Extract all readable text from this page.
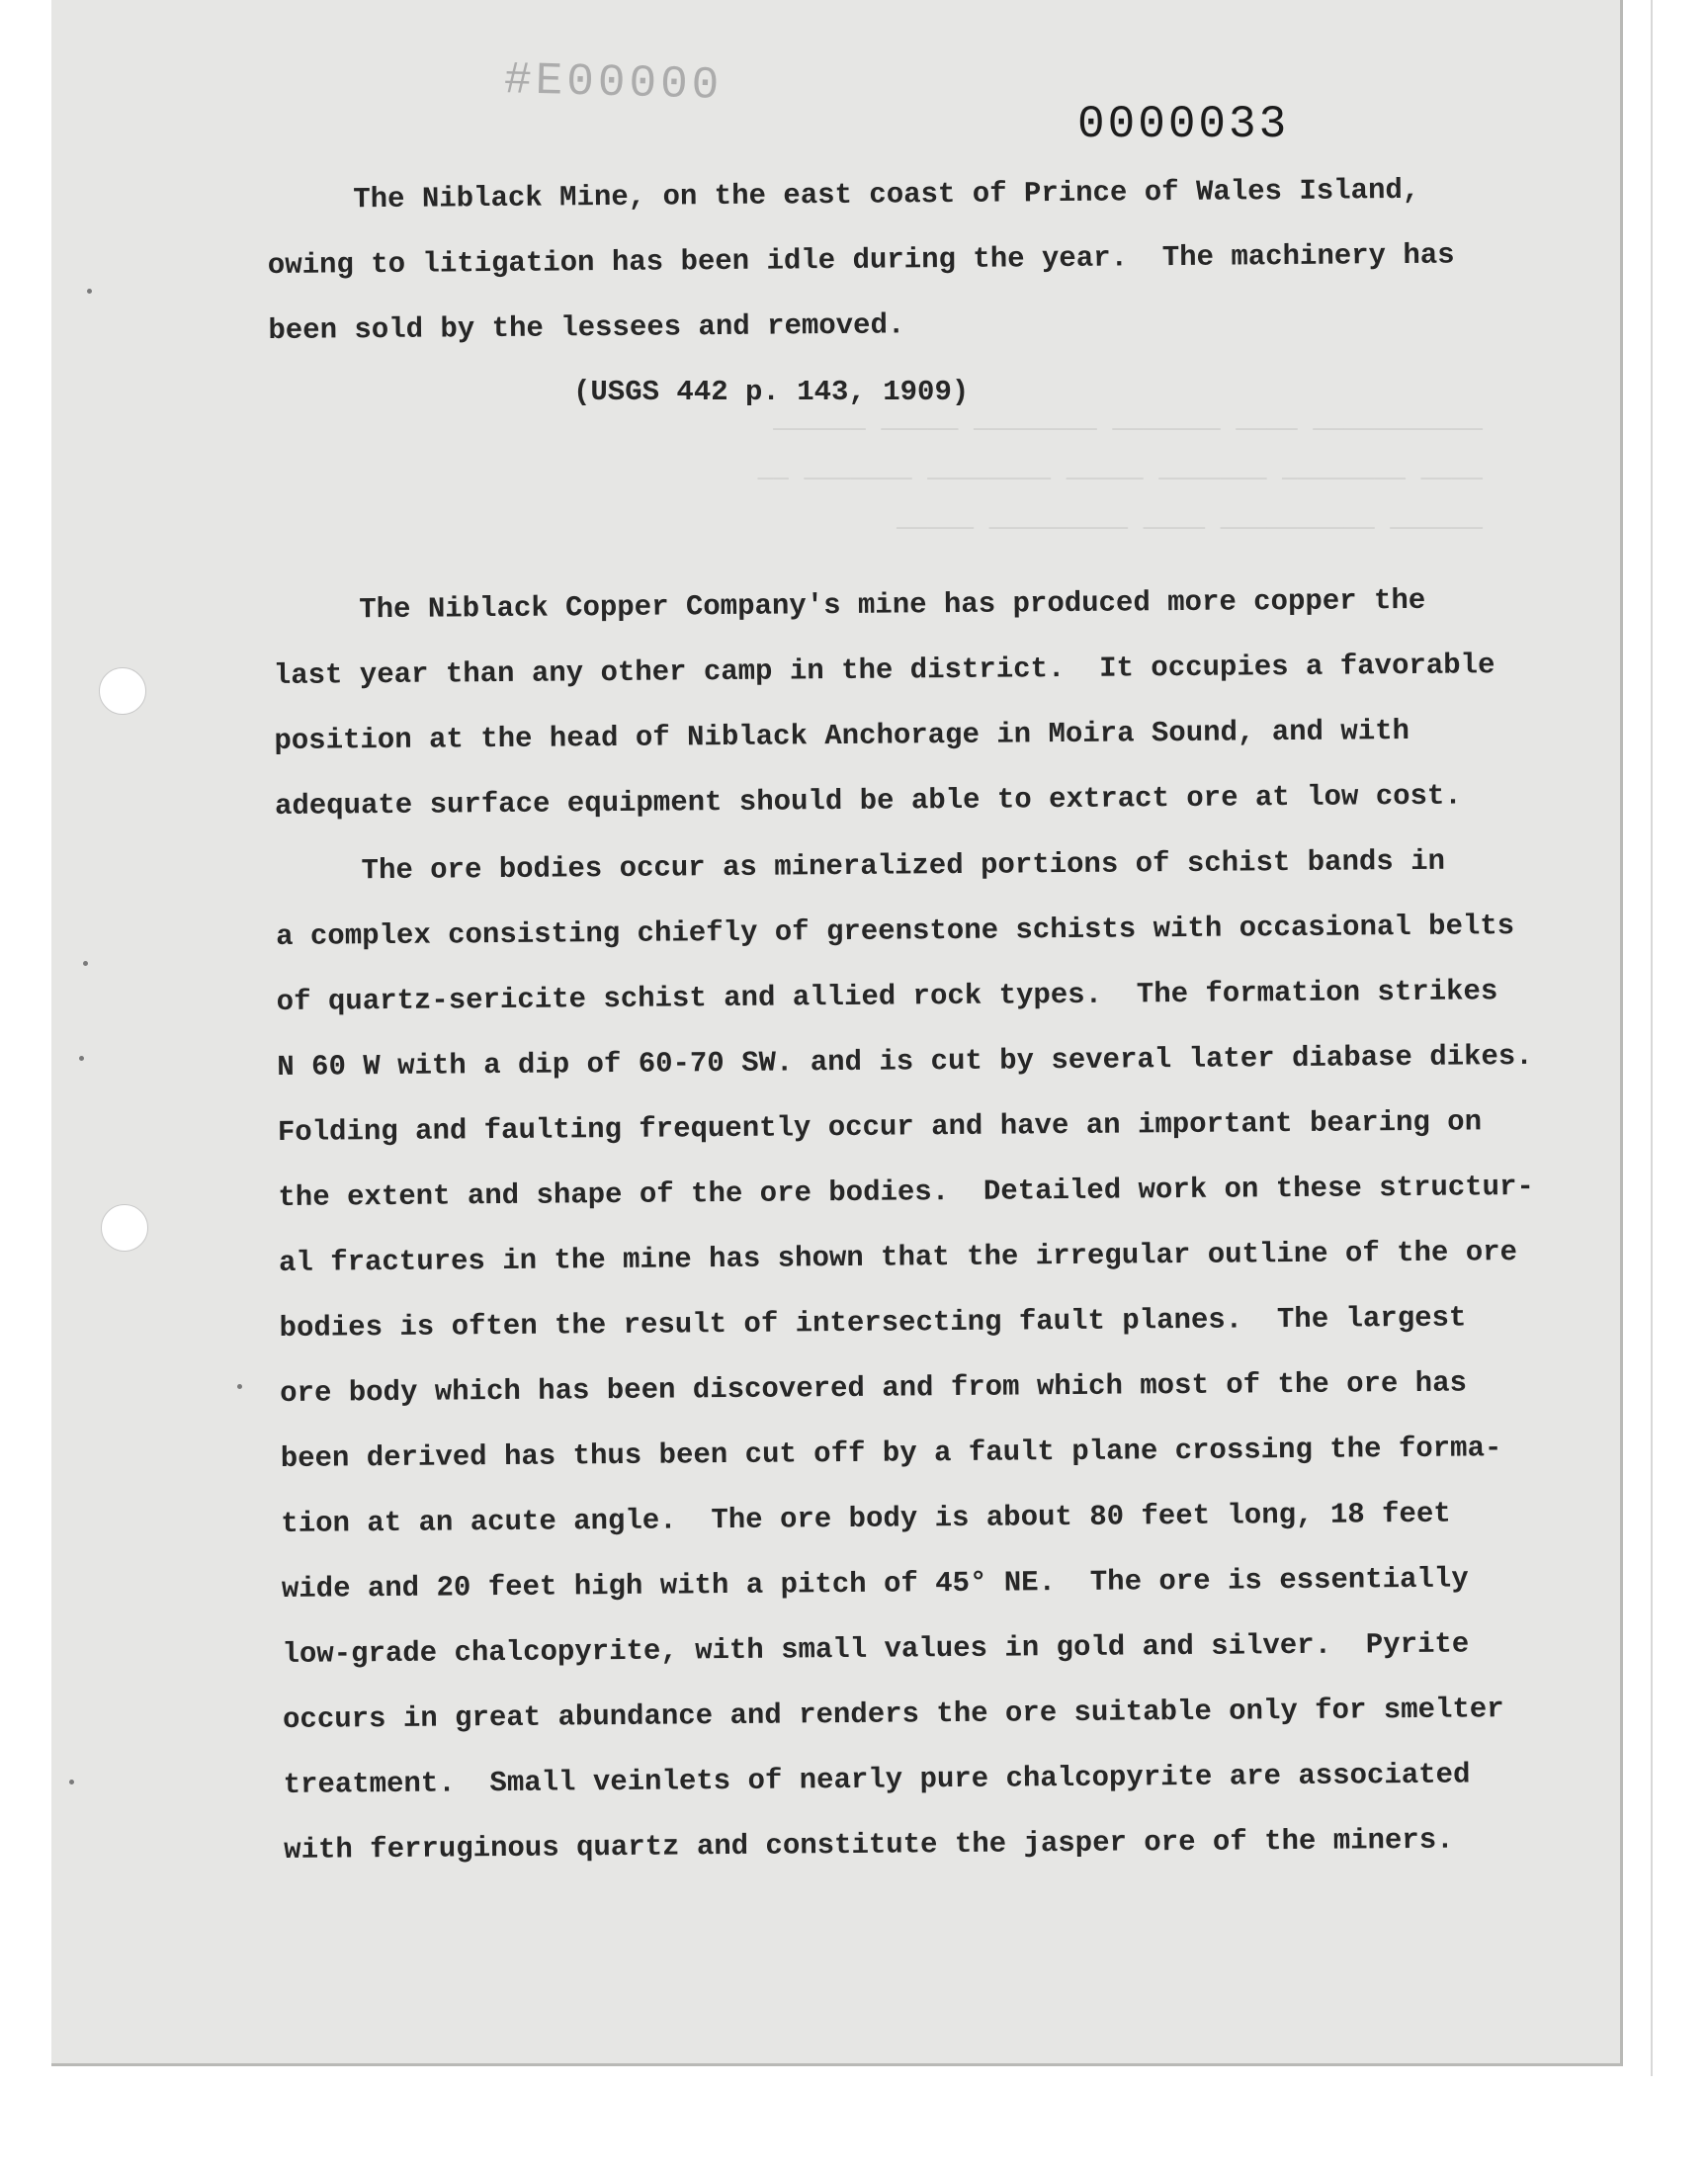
#E00000
0000033
─────────── ──── ─────── ──────── ───── ──────
──── ──────── ─────── ───── ──────── ─────── ──
────── ────────── ──── ───────── ─────
The Niblack Mine, on the east coast of Prince of Wales Island,
owing to litigation has been idle during the year.  The machinery has
been sold by the lessees and removed.
(USGS 442 p. 143, 1909)
The Niblack Copper Company's mine has produced more copper the
last year than any other camp in the district.  It occupies a favorable
position at the head of Niblack Anchorage in Moira Sound, and with
adequate surface equipment should be able to extract ore at low cost.
The ore bodies occur as mineralized portions of schist bands in
a complex consisting chiefly of greenstone schists with occasional belts
of quartz-sericite schist and allied rock types.  The formation strikes
N 60 W with a dip of 60-70 SW. and is cut by several later diabase dikes.
Folding and faulting frequently occur and have an important bearing on
the extent and shape of the ore bodies.  Detailed work on these structur-
al fractures in the mine has shown that the irregular outline of the ore
bodies is often the result of intersecting fault planes.  The largest
ore body which has been discovered and from which most of the ore has
been derived has thus been cut off by a fault plane crossing the forma-
tion at an acute angle.  The ore body is about 80 feet long, 18 feet
wide and 20 feet high with a pitch of 45° NE.  The ore is essentially
low-grade chalcopyrite, with small values in gold and silver.  Pyrite
occurs in great abundance and renders the ore suitable only for smelter
treatment.  Small veinlets of nearly pure chalcopyrite are associated
with ferruginous quartz and constitute the jasper ore of the miners.
